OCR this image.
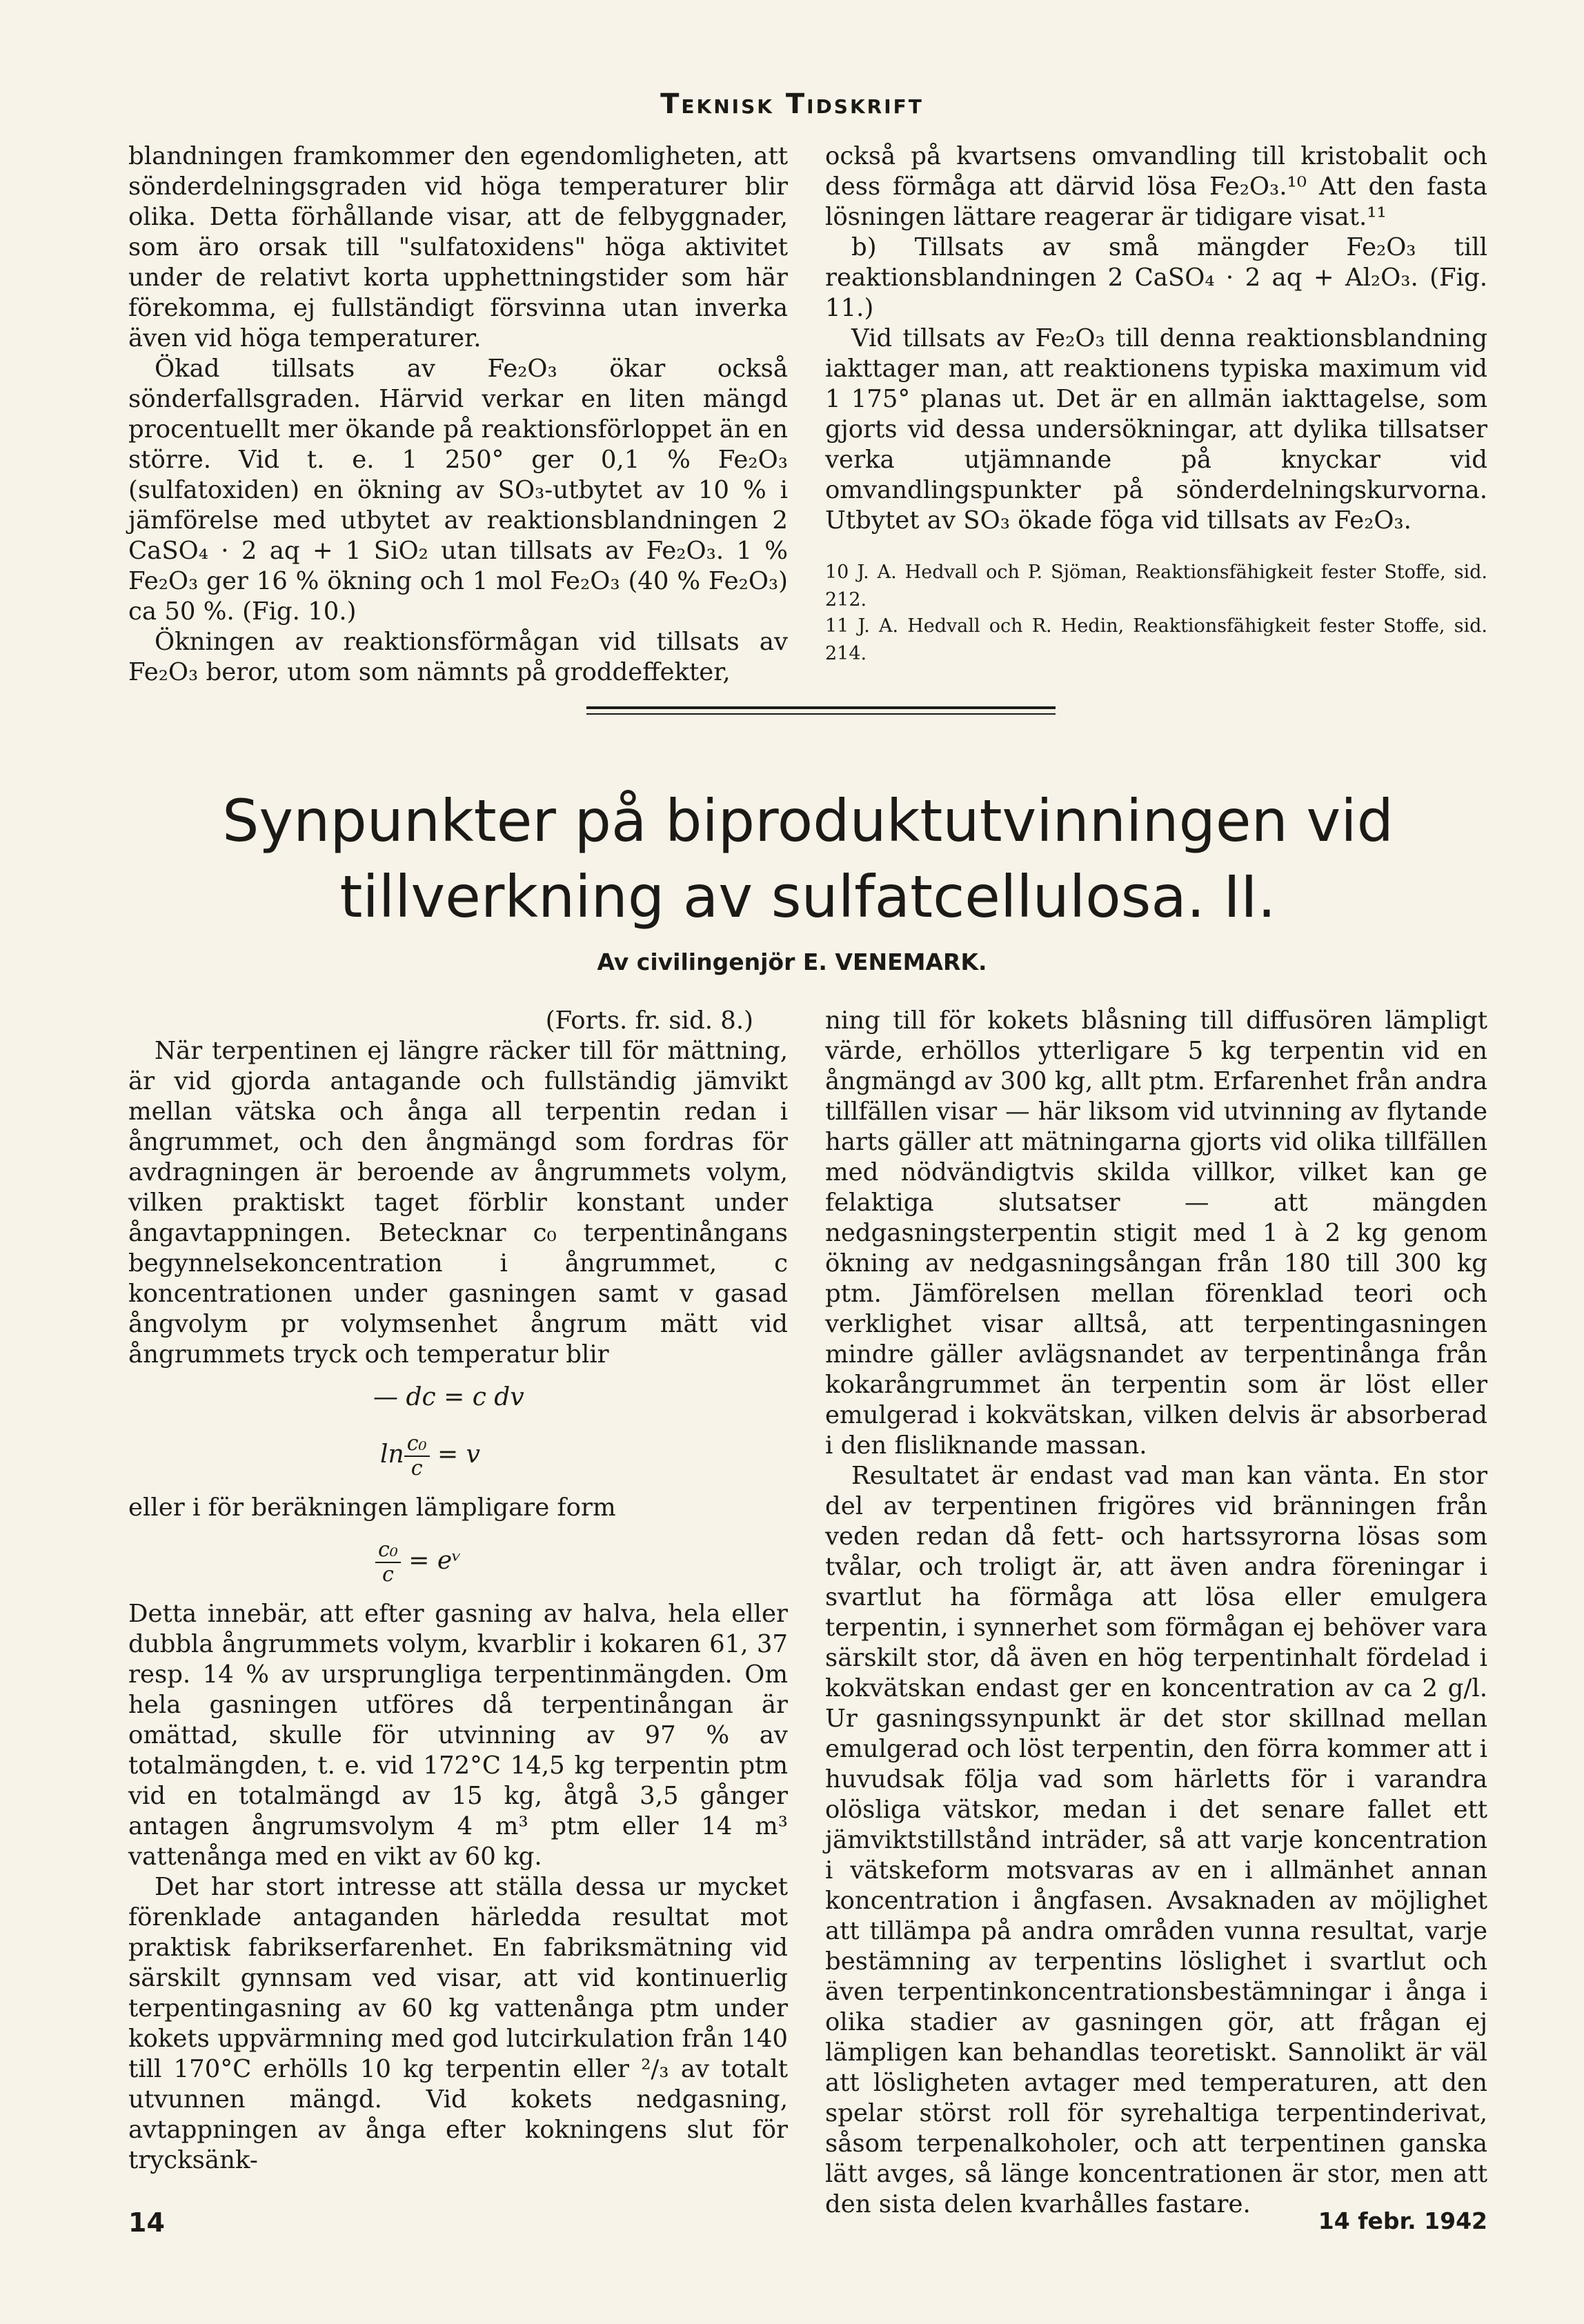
Teknisk Tidskrift

blandningen framkommer den egendomligheten, att sönderdelningsgraden vid höga temperaturer blir olika. Detta förhållande visar, att de felbyggnader, som äro orsak till "sulfatoxidens" höga aktivitet under de relativt korta upphettningstider som här förekomma, ej fullständigt försvinna utan inverka även vid höga temperaturer.

Ökad tillsats av Fe₂O₃ ökar också sönderfallsgraden. Härvid verkar en liten mängd procentuellt mer ökande på reaktionsförloppet än en större. Vid t. e. 1 250° ger 0,1 % Fe₂O₃ (sulfatoxiden) en ökning av SO₃-utbytet av 10 % i jämförelse med utbytet av reaktionsblandningen 2 CaSO₄ · 2 aq + 1 SiO₂ utan tillsats av Fe₂O₃. 1 % Fe₂O₃ ger 16 % ökning och 1 mol Fe₂O₃ (40 % Fe₂O₃) ca 50 %. (Fig. 10.)

Ökningen av reaktionsförmågan vid tillsats av Fe₂O₃ beror, utom som nämnts på groddeffekter,

också på kvartsens omvandling till kristobalit och dess förmåga att därvid lösa Fe₂O₃.¹⁰ Att den fasta lösningen lättare reagerar är tidigare visat.¹¹

b) Tillsats av små mängder Fe₂O₃ till reaktionsblandningen 2 CaSO₄ · 2 aq + Al₂O₃. (Fig. 11.)

Vid tillsats av Fe₂O₃ till denna reaktionsblandning iakttager man, att reaktionens typiska maximum vid 1 175° planas ut. Det är en allmän iakttagelse, som gjorts vid dessa undersökningar, att dylika tillsatser verka utjämnande på knyckar vid omvandlingspunkter på sönderdelningskurvorna. Utbytet av SO₃ ökade föga vid tillsats av Fe₂O₃.

10 J. A. Hedvall och P. Sjöman, Reaktionsfähigkeit fester Stoffe, sid. 212.
11 J. A. Hedvall och R. Hedin, Reaktionsfähigkeit fester Stoffe, sid. 214.
Synpunkter på biproduktutvinningen vid tillverkning av sulfatcellulosa. II.
Av civilingenjör E. VENEMARK.

(Forts. fr. sid. 8.)

När terpentinen ej längre räcker till för mättning, är vid gjorda antagande och fullständig jämvikt mellan vätska och ånga all terpentin redan i ångrummet, och den ångmängd som fordras för avdragningen är beroende av ångrummets volym, vilken praktiskt taget förblir konstant under ångavtappningen. Betecknar c₀ terpentinångans begynnelsekoncentration i ångrummet, c koncentrationen under gasningen samt v gasad ångvolym pr volymsenhet ångrum mätt vid ångrummets tryck och temperatur blir

— dc = c dv
$\ln \frac{\text{c₀}}{c} = v$

eller i för beräkningen lämpligare form

$\frac{\text{c₀}}{c}$ = eᵛ

Detta innebär, att efter gasning av halva, hela eller dubbla ångrummets volym, kvarblir i kokaren 61, 37 resp. 14 % av ursprungliga terpentinmängden. Om hela gasningen utföres då terpentinångan är omättad, skulle för utvinning av 97 % av totalmängden, t. e. vid 172°C 14,5 kg terpentin ptm vid en totalmängd av 15 kg, åtgå 3,5 gånger antagen ångrumsvolym 4 m³ ptm eller 14 m³ vattenånga med en vikt av 60 kg.

Det har stort intresse att ställa dessa ur mycket förenklade antaganden härledda resultat mot praktisk fabrikserfarenhet. En fabriksmätning vid särskilt gynnsam ved visar, att vid kontinuerlig terpentingasning av 60 kg vattenånga ptm under kokets uppvärmning med god lutcirkulation från 140 till 170°C erhölls 10 kg terpentin eller ²/₃ av totalt utvunnen mängd. Vid kokets nedgasning, avtappningen av ånga efter kokningens slut för trycksänk-

ning till för kokets blåsning till diffusören lämpligt värde, erhöllos ytterligare 5 kg terpentin vid en ångmängd av 300 kg, allt ptm. Erfarenhet från andra tillfällen visar — här liksom vid utvinning av flytande harts gäller att mätningarna gjorts vid olika tillfällen med nödvändigtvis skilda villkor, vilket kan ge felaktiga slutsatser — att mängden nedgasningsterpentin stigit med 1 à 2 kg genom ökning av nedgasningsångan från 180 till 300 kg ptm. Jämförelsen mellan förenklad teori och verklighet visar alltså, att terpentingasningen mindre gäller avlägsnandet av terpentinånga från kokarångrummet än terpentin som är löst eller emulgerad i kokvätskan, vilken delvis är absorberad i den flisliknande massan.

Resultatet är endast vad man kan vänta. En stor del av terpentinen frigöres vid bränningen från veden redan då fett- och hartssyrorna lösas som tvålar, och troligt är, att även andra föreningar i svartlut ha förmåga att lösa eller emulgera terpentin, i synnerhet som förmågan ej behöver vara särskilt stor, då även en hög terpentinhalt fördelad i kokvätskan endast ger en koncentration av ca 2 g/l. Ur gasningssynpunkt är det stor skillnad mellan emulgerad och löst terpentin, den förra kommer att i huvudsak följa vad som härletts för i varandra olösliga vätskor, medan i det senare fallet ett jämviktstillstånd inträder, så att varje koncentration i vätskeform motsvaras av en i allmänhet annan koncentration i ångfasen. Avsaknaden av möjlighet att tillämpa på andra områden vunna resultat, varje bestämning av terpentins löslighet i svartlut och även terpentinkoncentrationsbestämningar i ånga i olika stadier av gasningen gör, att frågan ej lämpligen kan behandlas teoretiskt. Sannolikt är väl att lösligheten avtager med temperaturen, att den spelar störst roll för syrehaltiga terpentinderivat, såsom terpenalkoholer, och att terpentinen ganska lätt avges, så länge koncentrationen är stor, men att den sista delen kvarhålles fastare.

14	14 febr. 1942
